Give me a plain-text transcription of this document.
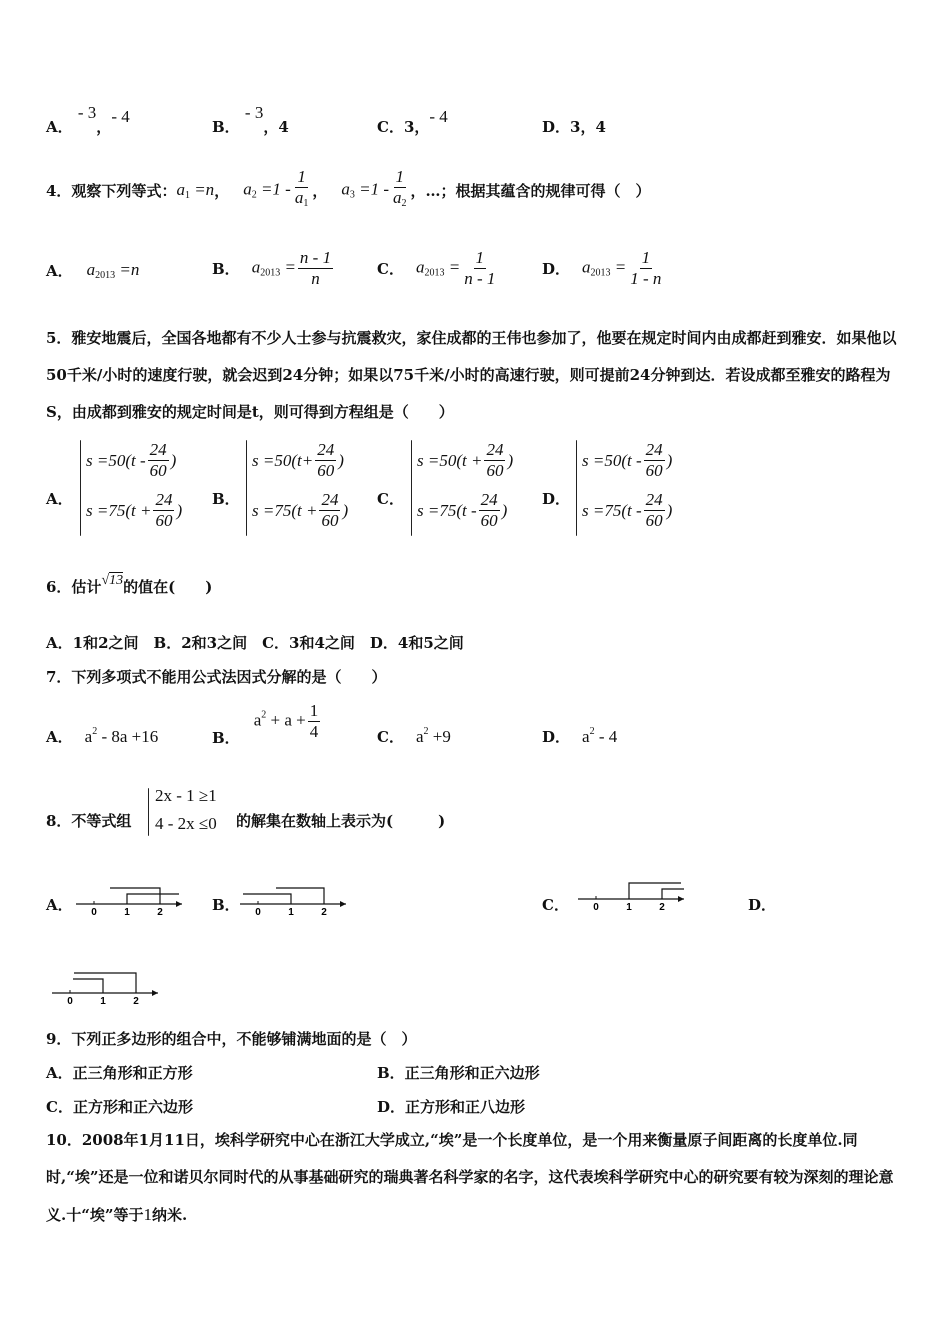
A． - 3，- 4
B． - 3，4	C．3，- 4
D．3，4
4．观察下列等式： $a_1 =n$ ， $a_2 =1 - \frac{1}{a_1}$ ， $a_3 =1 - \frac{1}{a_2}$ ，…；根据其蕴含的规律可得（　）
A． $a_{2013} =n$	B． $a_{2013} = \frac{n - 1}{n}$	C． $a_{2013} = \frac{1}{n - 1}$	D． $a_{2013} = \frac{1}{1 - n}$
5．雅安地震后，全国各地都有不少人士参与抗震救灾，家住成都的王伟也参加了，他要在规定时间内由成都赶到雅安．如果他以50千米/小时的速度行驶，就会迟到24分钟；如果以75千米/小时的高速行驶，则可提前24分钟到达．若设成都至雅安的路程为S，由成都到雅安的规定时间是t，则可得到方程组是（　　）
A．
$s =50(t - \frac{24}{60}$ )
$s =75(t + \frac{24}{60}$ )
B．
$s =50(t+ \frac{24}{60}$ )
$s =75(t + \frac{24}{60}$ )
C．
$s =50(t + \frac{24}{60}$ )
$s =75(t - \frac{24}{60}$ )
D．
$s =50(t - \frac{24}{60}$ )
$s =75(t - \frac{24}{60}$ )
6．估计√13的值在(　　)
A．1和2之间　B．2和3之间　C．3和4之间　D．4和5之间
7．下列多项式不能用公式法因式分解的是（　　）
A． $a^2 - 8a +16$	B．
$a^2 + a + \frac{1}{4}$	C． $a^2 +9$	D． $a^2 - 4$
8．不等式组
2x - 1 ≥1
4 - 2x ≤0 的解集在数轴上表示为(　　　)
A．	B．	C．	D．
0	1	2	0	1	2	0	1	2
0	1	2
9．下列正多边形的组合中，不能够铺满地面的是（　）
A．正三角形和正方形	B．正三角形和正六边形
C．正方形和正六边形	D．正方形和正八边形
10．2008年1月11日，埃科学研究中心在浙江大学成立,“埃”是一个长度单位，是一个用来衡量原子间距离的长度单位.同时,“埃”还是一位和诺贝尔同时代的从事基础研究的瑞典著名科学家的名字，这代表埃科学研究中心的研究要有较为深刻的理论意义.十“埃”等于1纳米.
